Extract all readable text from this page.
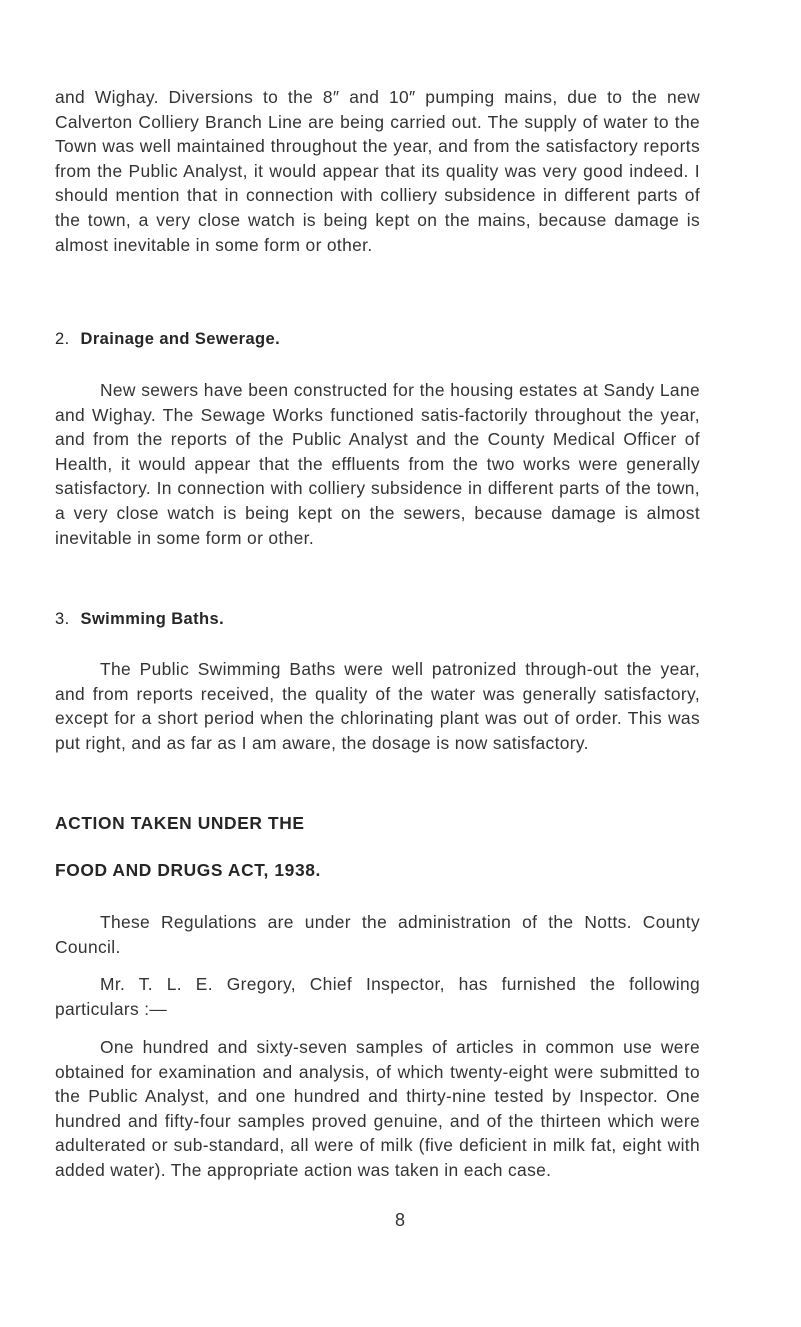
and Wighay. Diversions to the 8″ and 10″ pumping mains, due to the new Calverton Colliery Branch Line are being carried out. The supply of water to the Town was well maintained throughout the year, and from the satisfactory reports from the Public Analyst, it would appear that its quality was very good indeed. I should mention that in connection with colliery subsidence in different parts of the town, a very close watch is being kept on the mains, because damage is almost inevitable in some form or other.

2. Drainage and Sewerage.

New sewers have been constructed for the housing estates at Sandy Lane and Wighay. The Sewage Works functioned satis-factorily throughout the year, and from the reports of the Public Analyst and the County Medical Officer of Health, it would appear that the effluents from the two works were generally satisfactory. In connection with colliery subsidence in different parts of the town, a very close watch is being kept on the sewers, because damage is almost inevitable in some form or other.

3. Swimming Baths.

The Public Swimming Baths were well patronized through-out the year, and from reports received, the quality of the water was generally satisfactory, except for a short period when the chlorinating plant was out of order. This was put right, and as far as I am aware, the dosage is now satisfactory.

ACTION TAKEN UNDER THE
FOOD AND DRUGS ACT, 1938.

These Regulations are under the administration of the Notts. County Council.

Mr. T. L. E. Gregory, Chief Inspector, has furnished the following particulars :—

One hundred and sixty-seven samples of articles in common use were obtained for examination and analysis, of which twenty-eight were submitted to the Public Analyst, and one hundred and thirty-nine tested by Inspector. One hundred and fifty-four samples proved genuine, and of the thirteen which were adulterated or sub-standard, all were of milk (five deficient in milk fat, eight with added water). The appropriate action was taken in each case.

8
